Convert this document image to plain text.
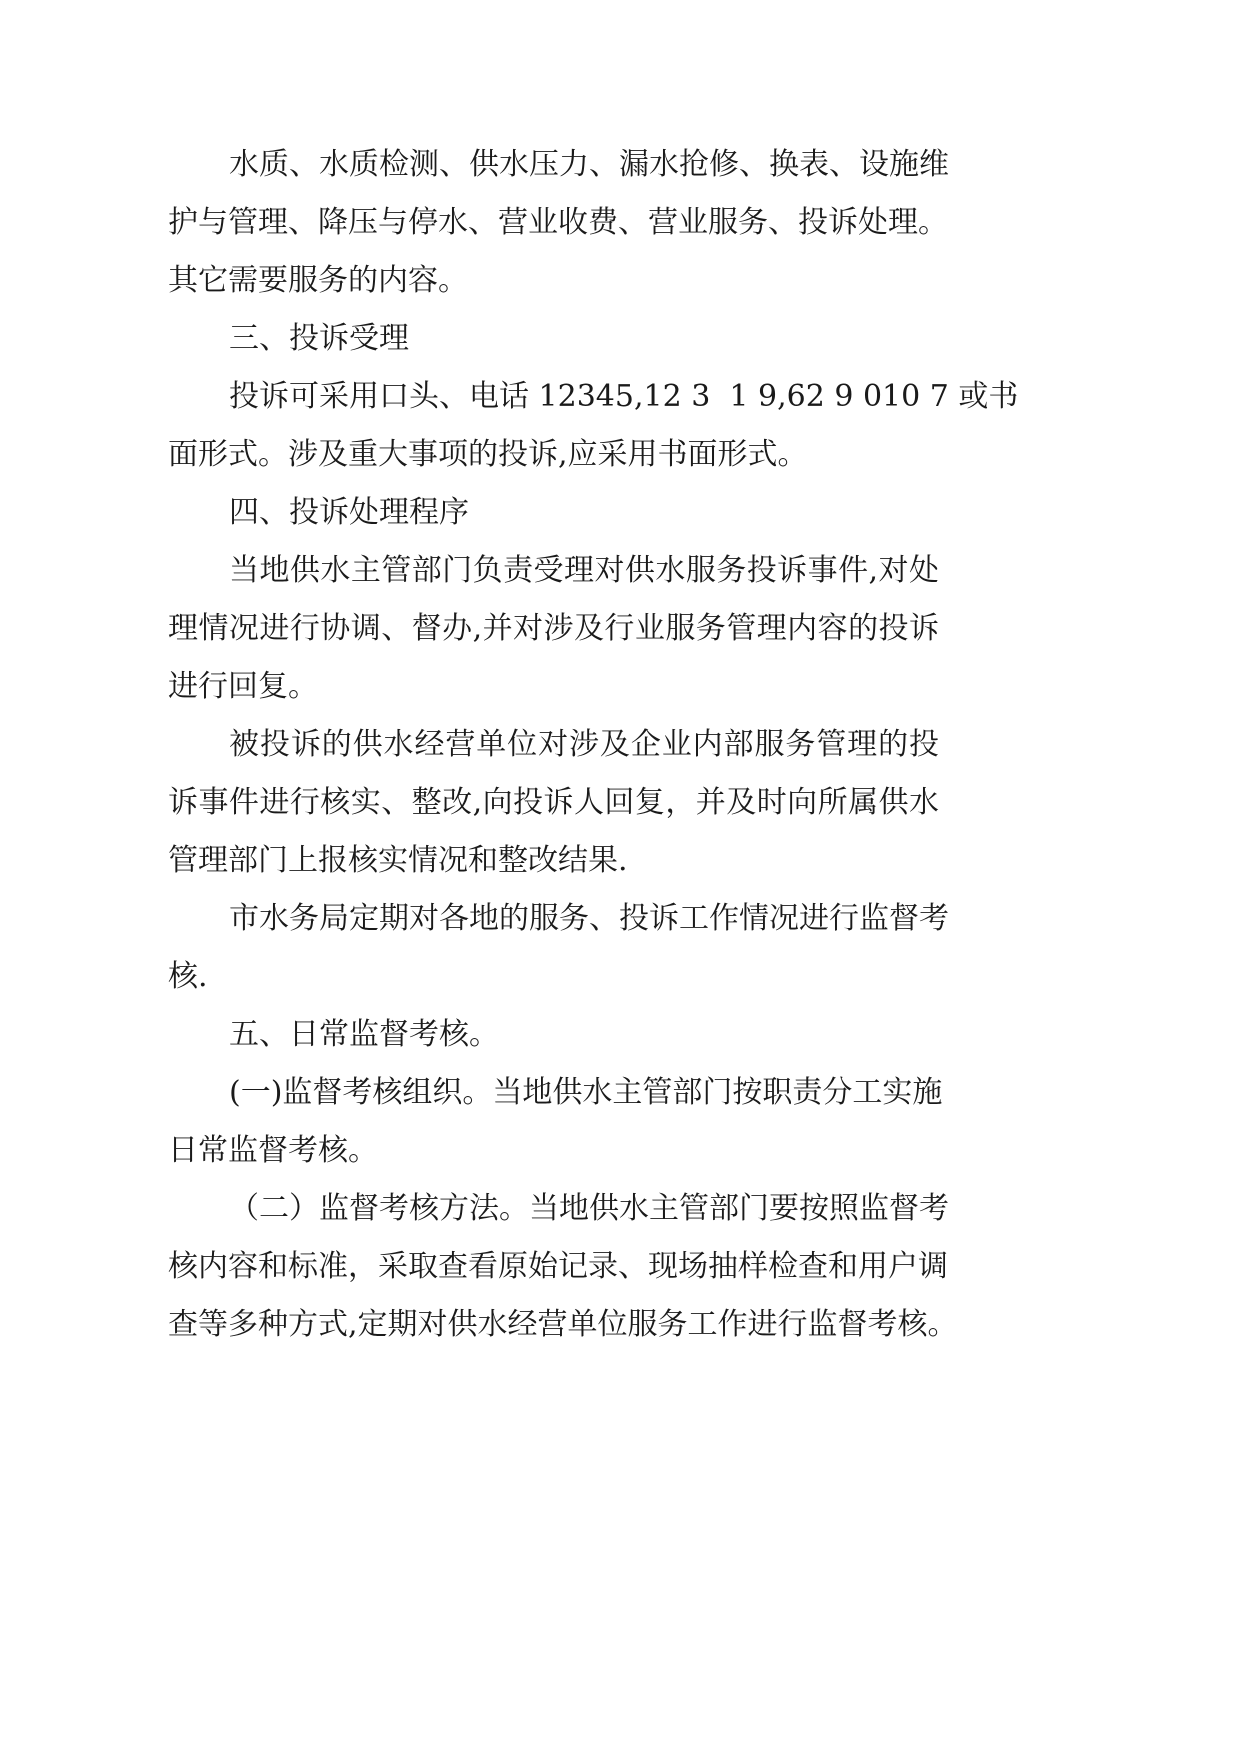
水质、水质检测、供水压力、漏水抢修、换表、设施维
护与管理、降压与停水、营业收费、营业服务、投诉处理。
其它需要服务的内容。
三、投诉受理
投诉可采用口头、电话 12345,12 3  1 9,62 9 010 7 或书
面形式。涉及重大事项的投诉,应采用书面形式。
四、投诉处理程序
当地供水主管部门负责受理对供水服务投诉事件,对处
理情况进行协调、督办,并对涉及行业服务管理内容的投诉
进行回复。
被投诉的供水经营单位对涉及企业内部服务管理的投
诉事件进行核实、整改,向投诉人回复，并及时向所属供水
管理部门上报核实情况和整改结果.
市水务局定期对各地的服务、投诉工作情况进行监督考
核.
五、日常监督考核。
(一)监督考核组织。当地供水主管部门按职责分工实施
日常监督考核。
（二）监督考核方法。当地供水主管部门要按照监督考
核内容和标准，采取查看原始记录、现场抽样检查和用户调
查等多种方式,定期对供水经营单位服务工作进行监督考核。
